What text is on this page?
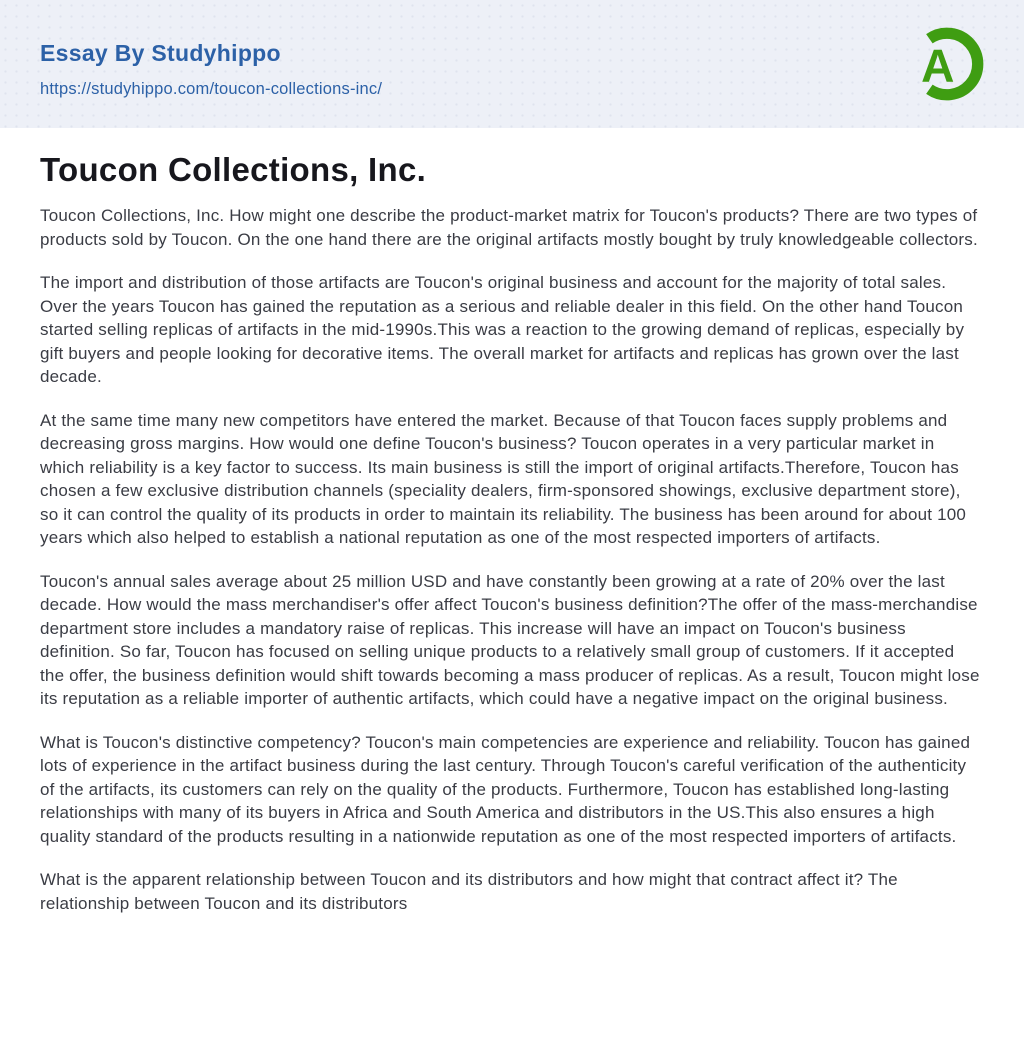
Essay By Studyhippo
https://studyhippo.com/toucon-collections-inc/	A
Toucon Collections, Inc.

Toucon Collections, Inc. How might one describe the product-market matrix for Toucon's products? There are two types of products sold by Toucon. On the one hand there are the original artifacts mostly bought by truly knowledgeable collectors.

The import and distribution of those artifacts are Toucon's original business and account for the majority of total sales. Over the years Toucon has gained the reputation as a serious and reliable dealer in this field. On the other hand Toucon started selling replicas of artifacts in the mid-1990s.This was a reaction to the growing demand of replicas, especially by gift buyers and people looking for decorative items. The overall market for artifacts and replicas has grown over the last decade.

At the same time many new competitors have entered the market. Because of that Toucon faces supply problems and decreasing gross margins. How would one define Toucon's business? Toucon operates in a very particular market in which reliability is a key factor to success. Its main business is still the import of original artifacts.Therefore, Toucon has chosen a few exclusive distribution channels (speciality dealers, firm-sponsored showings, exclusive department store), so it can control the quality of its products in order to maintain its reliability. The business has been around for about 100 years which also helped to establish a national reputation as one of the most respected importers of artifacts.

Toucon's annual sales average about 25 million USD and have constantly been growing at a rate of 20% over the last decade. How would the mass merchandiser's offer affect Toucon's business definition?The offer of the mass-merchandise department store includes a mandatory raise of replicas. This increase will have an impact on Toucon's business definition. So far, Toucon has focused on selling unique products to a relatively small group of customers. If it accepted the offer, the business definition would shift towards becoming a mass producer of replicas. As a result, Toucon might lose its reputation as a reliable importer of authentic artifacts, which could have a negative impact on the original business.

What is Toucon's distinctive competency? Toucon's main competencies are experience and reliability. Toucon has gained lots of experience in the artifact business during the last century. Through Toucon's careful verification of the authenticity of the artifacts, its customers can rely on the quality of the products. Furthermore, Toucon has established long-lasting relationships with many of its buyers in Africa and South America and distributors in the US.This also ensures a high quality standard of the products resulting in a nationwide reputation as one of the most respected importers of artifacts.

What is the apparent relationship between Toucon and its distributors and how might that contract affect it? The relationship between Toucon and its distributors
